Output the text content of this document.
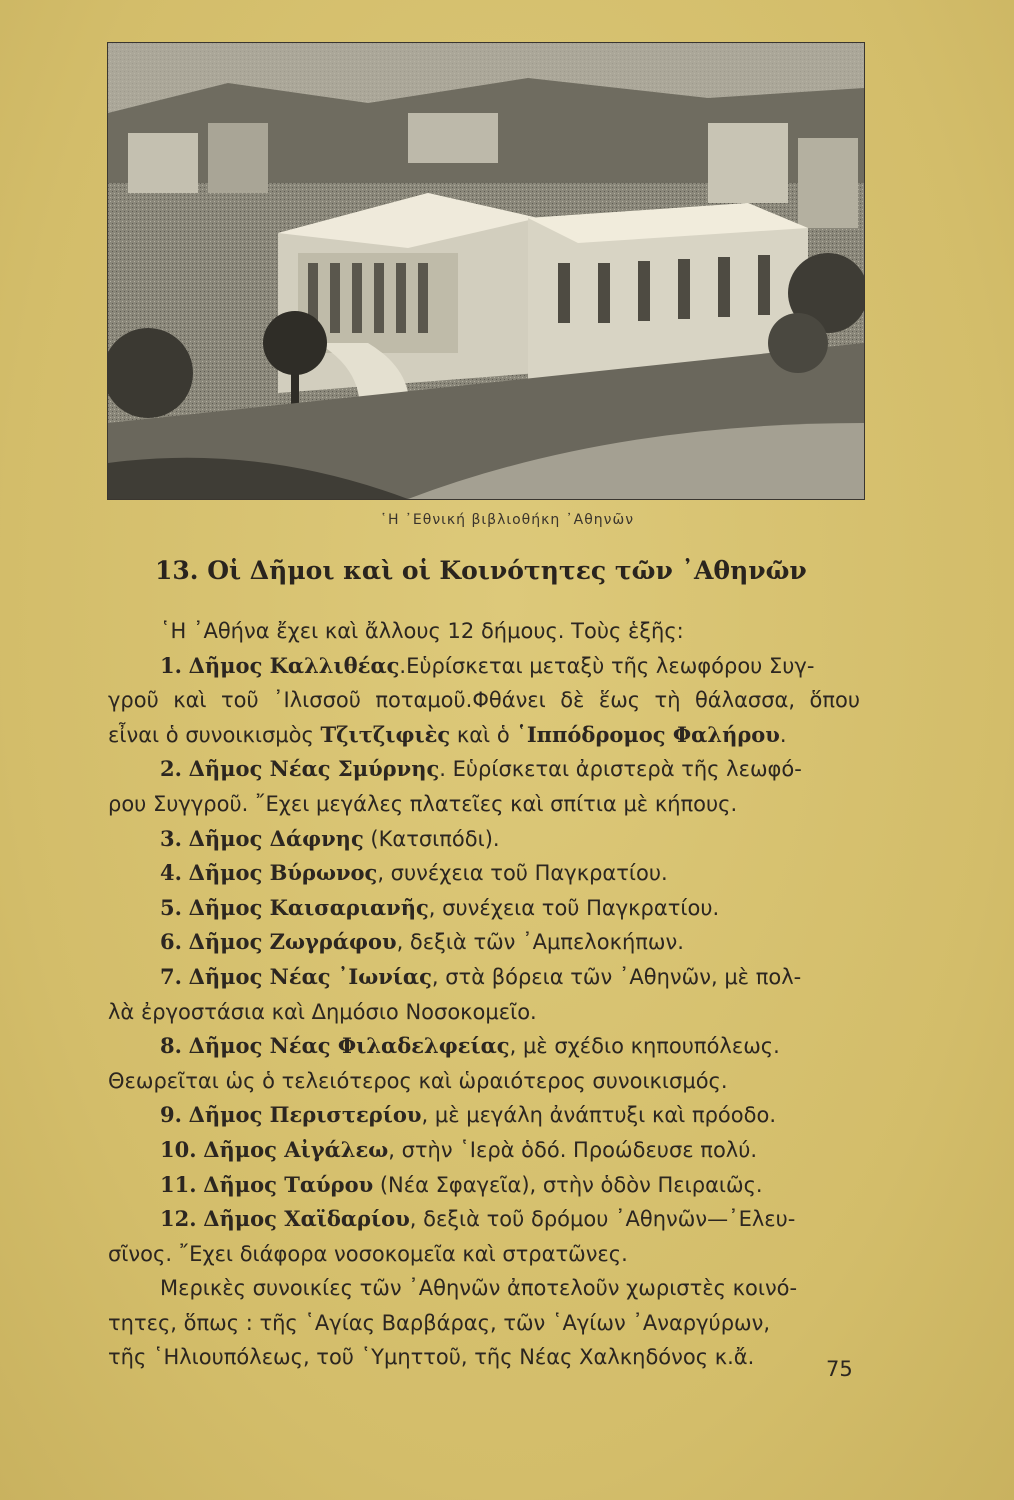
῾Η ᾿Εθνική βιβλιοθήκη ᾿Αθηνῶν
13. Οἱ Δῆμοι καὶ οἱ Κοινότητες τῶν ᾿Αθηνῶν
῾Η ᾿Αθήνα ἔχει καὶ ἄλλους 12 δήμους. Τοὺς ἑξῆς:
1. Δῆμος Καλλιθέας.Εὑρίσκεται μεταξὺ τῆς λεωφόρου Συγ-
γροῦ καὶ τοῦ ᾿Ιλισσοῦ ποταμοῦ.Φθάνει δὲ ἕως τὴ θάλασσα, ὅπου
εἶναι ὁ συνοικισμὸς Τζιτζιφιὲς καὶ ὁ ῾Ιππόδρομος Φαλήρου.
2. Δῆμος Νέας Σμύρνης. Εὑρίσκεται ἀριστερὰ τῆς λεωφό-
ρου Συγγροῦ. ῎Εχει μεγάλες πλατεῖες καὶ σπίτια μὲ κήπους.
3. Δῆμος Δάφνης (Κατσιπόδι).
4. Δῆμος Βύρωνος, συνέχεια τοῦ Παγκρατίου.
5. Δῆμος Καισαριανῆς, συνέχεια τοῦ Παγκρατίου.
6. Δῆμος Ζωγράφου, δεξιὰ τῶν ᾿Αμπελοκήπων.
7. Δῆμος Νέας ᾿Ιωνίας, στὰ βόρεια τῶν ᾿Αθηνῶν, μὲ πολ-
λὰ ἐργοστάσια καὶ Δημόσιο Νοσοκομεῖο.
8. Δῆμος Νέας Φιλαδελφείας, μὲ σχέδιο κηπουπόλεως.
Θεωρεῖται ὡς ὁ τελειότερος καὶ ὡραιότερος συνοικισμός.
9. Δῆμος Περιστερίου, μὲ μεγάλη ἀνάπτυξι καὶ πρόοδο.
10. Δῆμος Αἰγάλεω, στὴν ῾Ιερὰ ὁδό. Προώδευσε πολύ.
11. Δῆμος Ταύρου (Νέα Σφαγεῖα), στὴν ὁδὸν Πειραιῶς.
12. Δῆμος Χαϊδαρίου, δεξιὰ τοῦ δρόμου ᾿Αθηνῶν—᾿Ελευ-
σῖνος. ῎Εχει διάφορα νοσοκομεῖα καὶ στρατῶνες.
Μερικὲς συνοικίες τῶν ᾿Αθηνῶν ἀποτελοῦν χωριστὲς κοινό-
τητες, ὅπως : τῆς ῾Αγίας Βαρβάρας, τῶν ῾Αγίων ᾿Αναργύρων,
τῆς ῾Ηλιουπόλεως, τοῦ ῾Υμηττοῦ, τῆς Νέας Χαλκηδόνος κ.ἄ.	75
